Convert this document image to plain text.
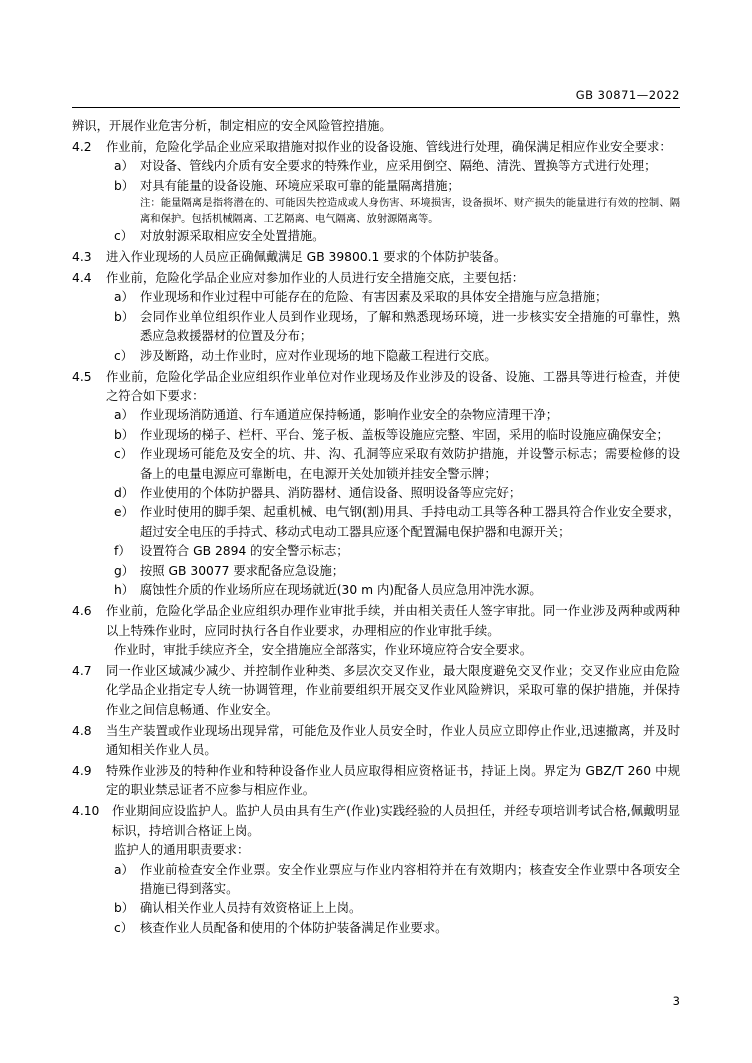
GB 30871—2022
辨识，开展作业危害分析，制定相应的安全风险管控措施。
4.2	作业前，危险化学品企业应采取措施对拟作业的设备设施、管线进行处理，确保满足相应作业安全要求：
a） 对设备、管线内介质有安全要求的特殊作业，应采用倒空、隔绝、清洗、置换等方式进行处理；
b） 对具有能量的设备设施、环境应采取可靠的能量隔离措施；
注：能量隔离是指将潜在的、可能因失控造成或人身伤害、环境损害，设备损坏、财产损失的能量进行有效的控制、隔离和保护。包括机械隔离、工艺隔离、电气隔离、放射源隔离等。
c） 对放射源采取相应安全处置措施。
4.3	进入作业现场的人员应正确佩戴满足 GB 39800.1 要求的个体防护装备。
4.4	作业前，危险化学品企业应对参加作业的人员进行安全措施交底，主要包括：
a） 作业现场和作业过程中可能存在的危险、有害因素及采取的具体安全措施与应急措施；
b） 会同作业单位组织作业人员到作业现场，了解和熟悉现场环境，进一步核实安全措施的可靠性，熟悉应急救援器材的位置及分布；
c） 涉及断路，动土作业时，应对作业现场的地下隐蔽工程进行交底。
4.5	作业前，危险化学品企业应组织作业单位对作业现场及作业涉及的设备、设施、工器具等进行检查，并使之符合如下要求：
a） 作业现场消防通道、行车通道应保持畅通，影响作业安全的杂物应清理干净；
b） 作业现场的梯子、栏杆、平台、笼子板、盖板等设施应完整、牢固，采用的临时设施应确保安全；
c） 作业现场可能危及安全的坑、井、沟、孔洞等应采取有效防护措施，并设警示标志；需要检修的设备上的电量电源应可靠断电，在电源开关处加锁并挂安全警示牌；
d） 作业使用的个体防护器具、消防器材、通信设备、照明设备等应完好；
e） 作业时使用的脚手架、起重机械、电气钢(割)用具、手持电动工具等各种工器具符合作业安全要求，超过安全电压的手持式、移动式电动工器具应逐个配置漏电保护器和电源开关；
f） 设置符合 GB 2894 的安全警示标志；
g） 按照 GB 30077 要求配备应急设施；
h） 腐蚀性介质的作业场所应在现场就近(30 m 内)配备人员应急用冲洗水源。
4.6	作业前，危险化学品企业应组织办理作业审批手续，并由相关责任人签字审批。同一作业涉及两种或两种以上特殊作业时，应同时执行各自作业要求，办理相应的作业审批手续。
作业时，审批手续应齐全，安全措施应全部落实，作业环境应符合安全要求。
4.7	同一作业区域减少减少、并控制作业种类、多层次交叉作业，最大限度避免交叉作业；交叉作业应由危险化学品企业指定专人统一协调管理，作业前要组织开展交叉作业风险辨识，采取可靠的保护措施，并保持作业之间信息畅通、作业安全。
4.8	当生产装置或作业现场出现异常，可能危及作业人员安全时，作业人员应立即停止作业,迅速撤离，并及时通知相关作业人员。
4.9	特殊作业涉及的特种作业和特种设备作业人员应取得相应资格证书，持证上岗。界定为 GBZ/T 260 中规定的职业禁忌证者不应参与相应作业。
4.10	作业期间应设监护人。监护人员由具有生产(作业)实践经验的人员担任，并经专项培训考试合格,佩戴明显标识，持培训合格证上岗。
监护人的通用职责要求：
a） 作业前检查安全作业票。安全作业票应与作业内容相符并在有效期内；核查安全作业票中各项安全措施已得到落实。
b） 确认相关作业人员持有效资格证上上岗。
c） 核查作业人员配备和使用的个体防护装备满足作业要求。
3
